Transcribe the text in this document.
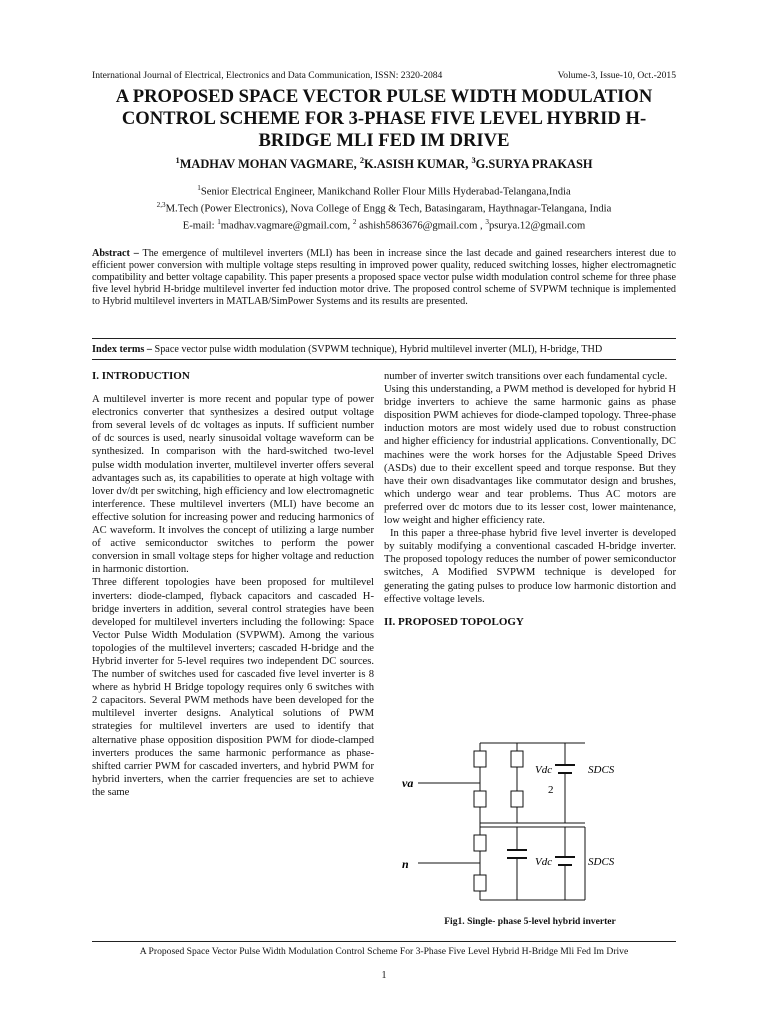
International Journal of Electrical, Electronics and Data Communication, ISSN: 2320-2084	Volume-3, Issue-10, Oct.-2015
A PROPOSED SPACE VECTOR PULSE WIDTH MODULATION
CONTROL SCHEME FOR 3-PHASE FIVE LEVEL HYBRID H-
BRIDGE MLI FED IM DRIVE
$^1$MADHAV MOHAN VAGMARE, $^2$K.ASISH KUMAR, $^3$G.SURYA PRAKASH
$^1$Senior Electrical Engineer, Manikchand Roller Flour Mills Hyderabad-Telangana,India
$^{2,3}$M.Tech (Power Electronics), Nova College of Engg & Tech, Batasingaram, Haythnagar-Telangana, India
E-mail: $^1$madhav.vagmare@gmail.com, $^2$ ashish5863676@gmail.com , $^3$psurya.12@gmail.com
Abstract – The emergence of multilevel inverters (MLI) has been in increase since the last decade and gained researchers interest due to efficient power conversion with multiple voltage steps resulting in improved power quality, reduced switching losses, higher electromagnetic compatibility and better voltage capability. This paper presents a proposed space vector pulse width modulation control scheme for three phase five level hybrid H-bridge multilevel inverter fed induction motor drive. The proposed control scheme of SVPWM technique is implemented to Hybrid multilevel inverters in MATLAB/SimPower Systems and its results are presented.
Index terms – Space vector pulse width modulation (SVPWM technique), Hybrid multilevel inverter (MLI), H-bridge, THD

I. INTRODUCTION

A multilevel inverter is more recent and popular type of power electronics converter that synthesizes a desired output voltage from several levels of dc voltages as inputs. If sufficient number of dc sources is used, nearly sinusoidal voltage waveform can be synthesized. In comparison with the hard-switched two-level pulse width modulation inverter, multilevel inverter offers several advantages such as, its capabilities to operate at high voltage with lover dv/dt per switching, high efficiency and low electromagnetic interference. These multilevel inverters (MLI) have become an effective solution for increasing power and reducing harmonics of AC waveform. It involves the concept of utilizing a large number of active semiconductor switches to perform the power conversion in small voltage steps for higher voltage and reduction in harmonic distortion.

Three different topologies have been proposed for multilevel inverters: diode-clamped, flyback capacitors and cascaded H-bridge inverters in addition, several control strategies have been developed for multilevel inverters including the following: Space Vector Pulse Width Modulation (SVPWM). Among the various topologies of the multilevel inverters; cascaded H-bridge and the Hybrid inverter for 5-level requires two independent DC sources. The number of switches used for cascaded five level inverter is 8 where as hybrid H Bridge topology requires only 6 switches with 2 capacitors. Several PWM methods have been developed for the multilevel inverter designs. Analytical solutions of PWM strategies for multilevel inverters are used to identify that alternative phase opposition disposition PWM for diode-clamped inverters produces the same harmonic performance as phase-shifted carrier PWM for cascaded inverters, and hybrid PWM for hybrid inverters, when the carrier frequencies are set to achieve the same

number of inverter switch transitions over each fundamental cycle.

Using this understanding, a PWM method is developed for hybrid H bridge inverters to achieve the same harmonic gains as phase disposition PWM achieves for diode-clamped topology. Three-phase induction motors are most widely used due to robust construction and higher efficiency for industrial applications. Conventionally, DC machines were the work horses for the Adjustable Speed Drives (ASDs) due to their excellent speed and torque response. But they have their own disadvantages like commutator design and brushes, which undergo wear and tear problems. Thus AC motors are preferred over dc motors due to its lesser cost, lower maintenance, low weight and higher efficiency rate.

In this paper a three-phase hybrid five level inverter is developed by suitably modifying a conventional cascaded H-bridge inverter. The proposed topology reduces the number of power semiconductor switches, A Modified SVPWM technique is developed for generating the gating pulses to produce low harmonic distortion and effective voltage levels.

II. PROPOSED TOPOLOGY

va
n
Vdc
2
SDCS
Vdc	SDCS
Fig1. Single- phase 5-level hybrid inverter
A Proposed Space Vector Pulse Width Modulation Control Scheme For 3-Phase Five Level Hybrid H-Bridge Mli Fed Im Drive
1
